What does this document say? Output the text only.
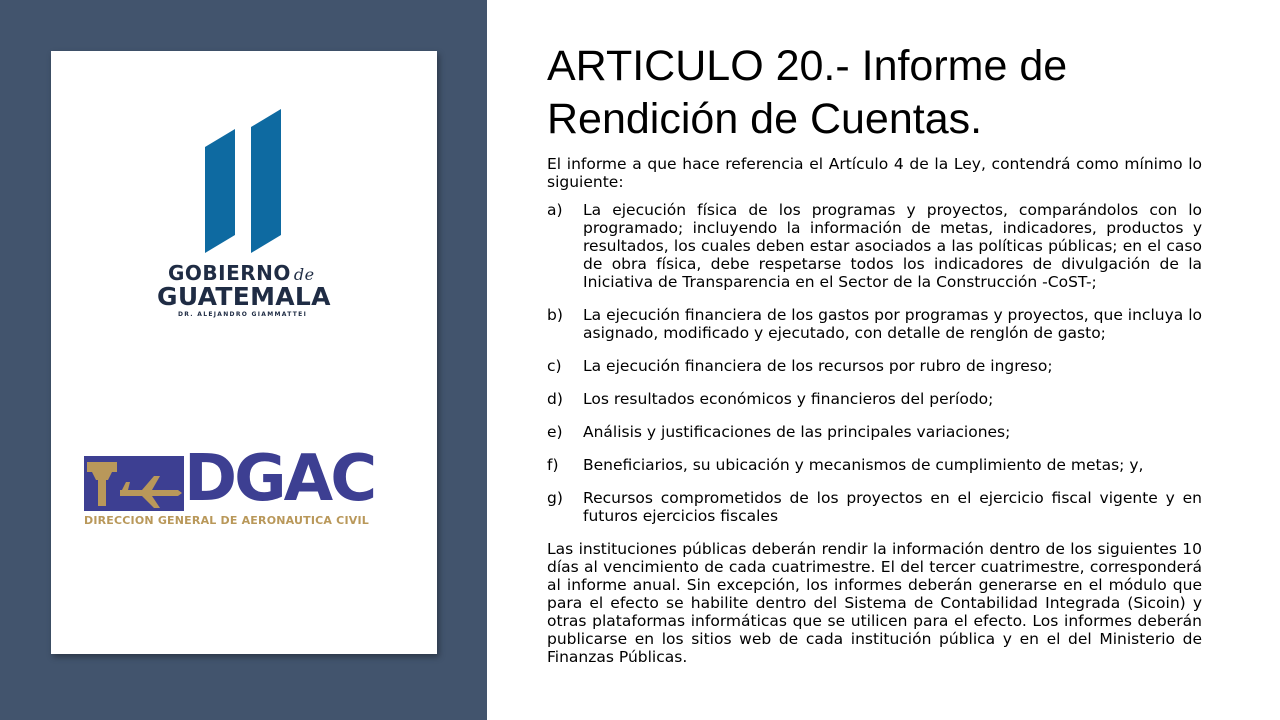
GOBIERNO de
GUATEMALA
DR. ALEJANDRO GIAMMATTEI
DGAC
DIRECCION GENERAL DE AERONAUTICA CIVIL
ARTICULO 20.- Informe de Rendición de Cuentas.

El informe a que hace referencia el Artículo 4 de la Ley, contendrá como mínimo lo siguiente:

a)	La ejecución física de los programas y proyectos, comparándolos con lo programado; incluyendo la información de metas, indicadores, productos y resultados, los cuales deben estar asociados a las políticas públicas; en el caso de obra física, debe respetarse todos los indicadores de divulgación de la Iniciativa de Transparencia en el Sector de la Construcción -CoST-;
b)	La ejecución financiera de los gastos por programas y proyectos, que incluya lo asignado, modificado y ejecutado, con detalle de renglón de gasto;
c)	La ejecución financiera de los recursos por rubro de ingreso;
d)	Los resultados económicos y financieros del período;
e)	Análisis y justificaciones de las principales variaciones;
f)	Beneficiarios, su ubicación y mecanismos de cumplimiento de metas; y,
g)	Recursos comprometidos de los proyectos en el ejercicio fiscal vigente y en futuros ejercicios fiscales

Las instituciones públicas deberán rendir la información dentro de los siguientes 10 días al vencimiento de cada cuatrimestre. El del tercer cuatrimestre, corresponderá al informe anual. Sin excepción, los informes deberán generarse en el módulo que para el efecto se habilite dentro del Sistema de Contabilidad Integrada (Sicoin) y otras plataformas informáticas que se utilicen para el efecto. Los informes deberán publicarse en los sitios web de cada institución pública y en el del Ministerio de Finanzas Públicas.
